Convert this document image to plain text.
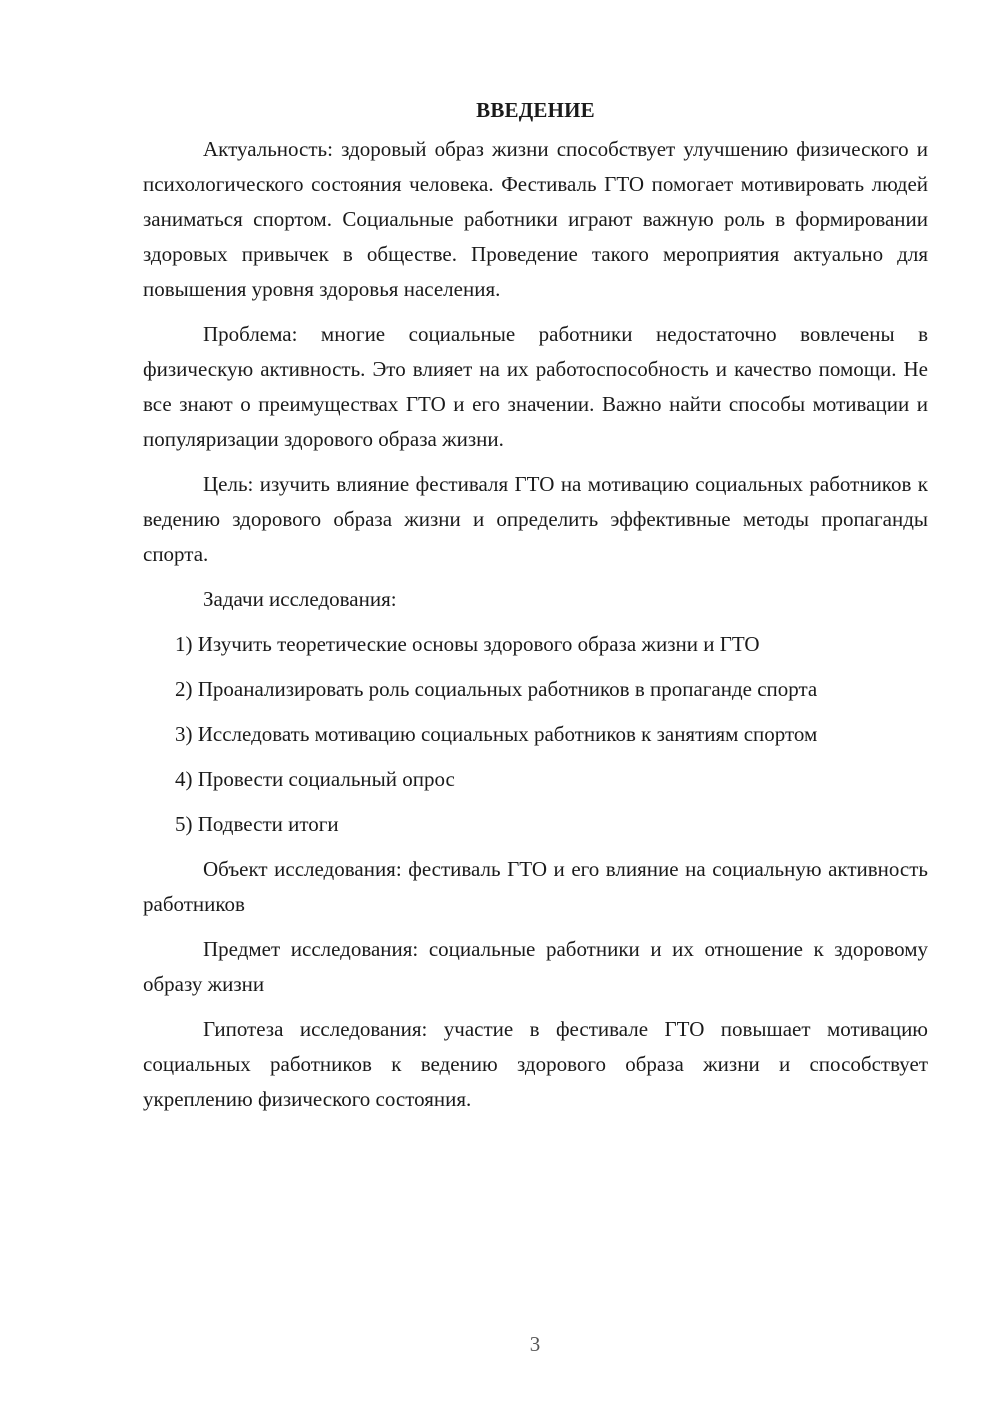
ВВЕДЕНИЕ

Актуальность: здоровый образ жизни способствует улучшению физического и психологического состояния человека. Фестиваль ГТО помогает мотивировать людей заниматься спортом. Социальные работники играют важную роль в формировании здоровых привычек в обществе. Проведение такого мероприятия актуально для повышения уровня здоровья населения.

Проблема: многие социальные работники недостаточно вовлечены в физическую активность. Это влияет на их работоспособность и качество помощи. Не все знают о преимуществах ГТО и его значении. Важно найти способы мотивации и популяризации здорового образа жизни.

Цель: изучить влияние фестиваля ГТО на мотивацию социальных работников к ведению здорового образа жизни и определить эффективные методы пропаганды спорта.

Задачи исследования:

1) Изучить теоретические основы здорового образа жизни и ГТО

2) Проанализировать роль социальных работников в пропаганде спорта

3) Исследовать мотивацию социальных работников к занятиям спортом

4) Провести социальный опрос

5) Подвести итоги

Объект исследования: фестиваль ГТО и его влияние на социальную активность работников

Предмет исследования: социальные работники и их отношение к здоровому образу жизни

Гипотеза исследования: участие в фестивале ГТО повышает мотивацию социальных работников к ведению здорового образа жизни и способствует укреплению физического состояния.

3
